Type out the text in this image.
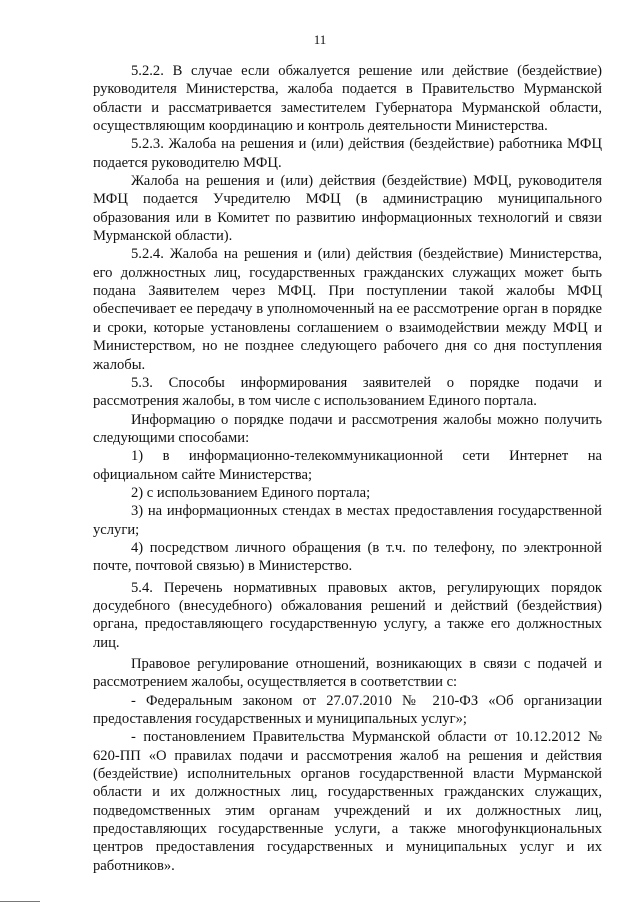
11

5.2.2. В случае если обжалуется решение или действие (бездействие) руководителя Министерства, жалоба подается в Правительство Мурманской области и рассматривается заместителем Губернатора Мурманской области, осуществляющим координацию и контроль деятельности Министерства.

5.2.3. Жалоба на решения и (или) действия (бездействие) работника МФЦ подается руководителю МФЦ.

Жалоба на решения и (или) действия (бездействие) МФЦ, руководителя МФЦ подается Учредителю МФЦ (в администрацию муниципального образования или в Комитет по развитию информационных технологий и связи Мурманской области).

5.2.4. Жалоба на решения и (или) действия (бездействие) Министерства, его должностных лиц, государственных гражданских служащих может быть подана Заявителем через МФЦ. При поступлении такой жалобы МФЦ обеспечивает ее передачу в уполномоченный на ее рассмотрение орган в порядке и сроки, которые установлены соглашением о взаимодействии между МФЦ и Министерством, но не позднее следующего рабочего дня со дня поступления жалобы.

5.3. Способы информирования заявителей о порядке подачи и рассмотрения жалобы, в том числе с использованием Единого портала.

Информацию о порядке подачи и рассмотрения жалобы можно получить следующими способами:

1) в информационно-телекоммуникационной сети Интернет на официальном сайте Министерства;

2) с использованием Единого портала;

3) на информационных стендах в местах предоставления государственной услуги;

4) посредством личного обращения (в т.ч. по телефону, по электронной почте, почтовой связью) в Министерство.

5.4. Перечень нормативных правовых актов, регулирующих порядок досудебного (внесудебного) обжалования решений и действий (бездействия) органа, предоставляющего государственную услугу, а также его должностных лиц.

Правовое регулирование отношений, возникающих в связи с подачей и рассмотрением жалобы, осуществляется в соответствии с:

- Федеральным законом от 27.07.2010 № 210-ФЗ «Об организации предоставления государственных и муниципальных услуг»;

- постановлением Правительства Мурманской области от 10.12.2012 № 620-ПП «О правилах подачи и рассмотрения жалоб на решения и действия (бездействие) исполнительных органов государственной власти Мурманской области и их должностных лиц, государственных гражданских служащих, подведомственных этим органам учреждений и их должностных лиц, предоставляющих государственные услуги, а также многофункциональных центров предоставления государственных и муниципальных услуг и их работников».
